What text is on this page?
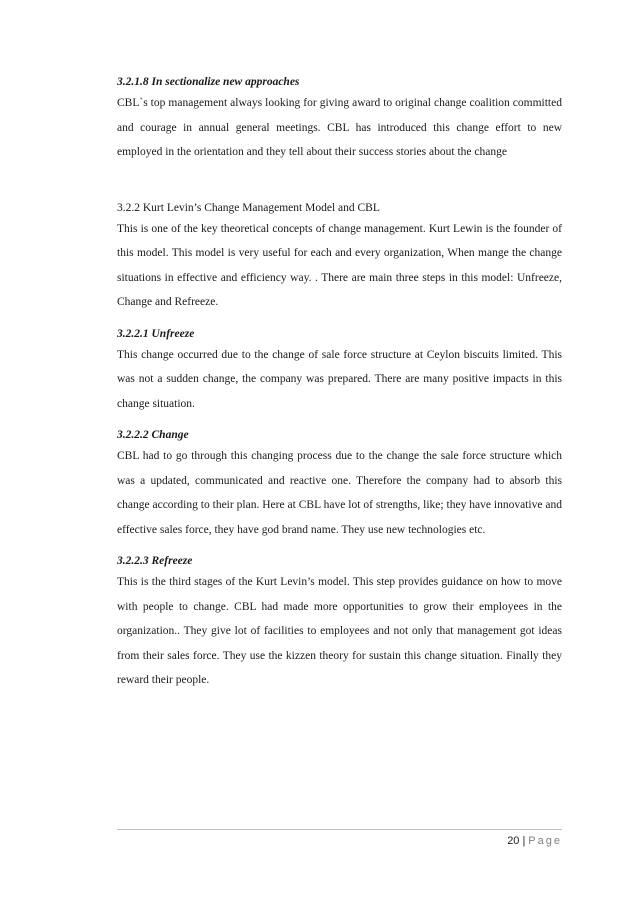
3.2.1.8 In sectionalize new approaches

CBL`s top management always looking for giving award to original change coalition committed and courage in annual general meetings. CBL has introduced this change effort to new employed in the orientation and they tell about their success stories about the change

3.2.2 Kurt Levin’s Change Management Model and CBL

This is one of the key theoretical concepts of change management. Kurt Lewin is the founder of this model. This model is very useful for each and every organization, When mange the change situations in effective and efficiency way. . There are main three steps in this model: Unfreeze, Change and Refreeze.

3.2.2.1 Unfreeze

This change occurred due to the change of sale force structure at Ceylon biscuits limited. This was not a sudden change, the company was prepared. There are many positive impacts in this change situation.

3.2.2.2 Change

CBL had to go through this changing process due to the change the sale force structure which was a updated, communicated and reactive one. Therefore the company had to absorb this change according to their plan. Here at CBL have lot of strengths, like; they have innovative and effective sales force, they have god brand name. They use new technologies etc.

3.2.2.3 Refreeze

This is the third stages of the Kurt Levin’s model. This step provides guidance on how to move with people to change. CBL had made more opportunities to grow their employees in the organization.. They give lot of facilities to employees and not only that management got ideas from their sales force. They use the kizzen theory for sustain this change situation. Finally they reward their people.

20 | Page
